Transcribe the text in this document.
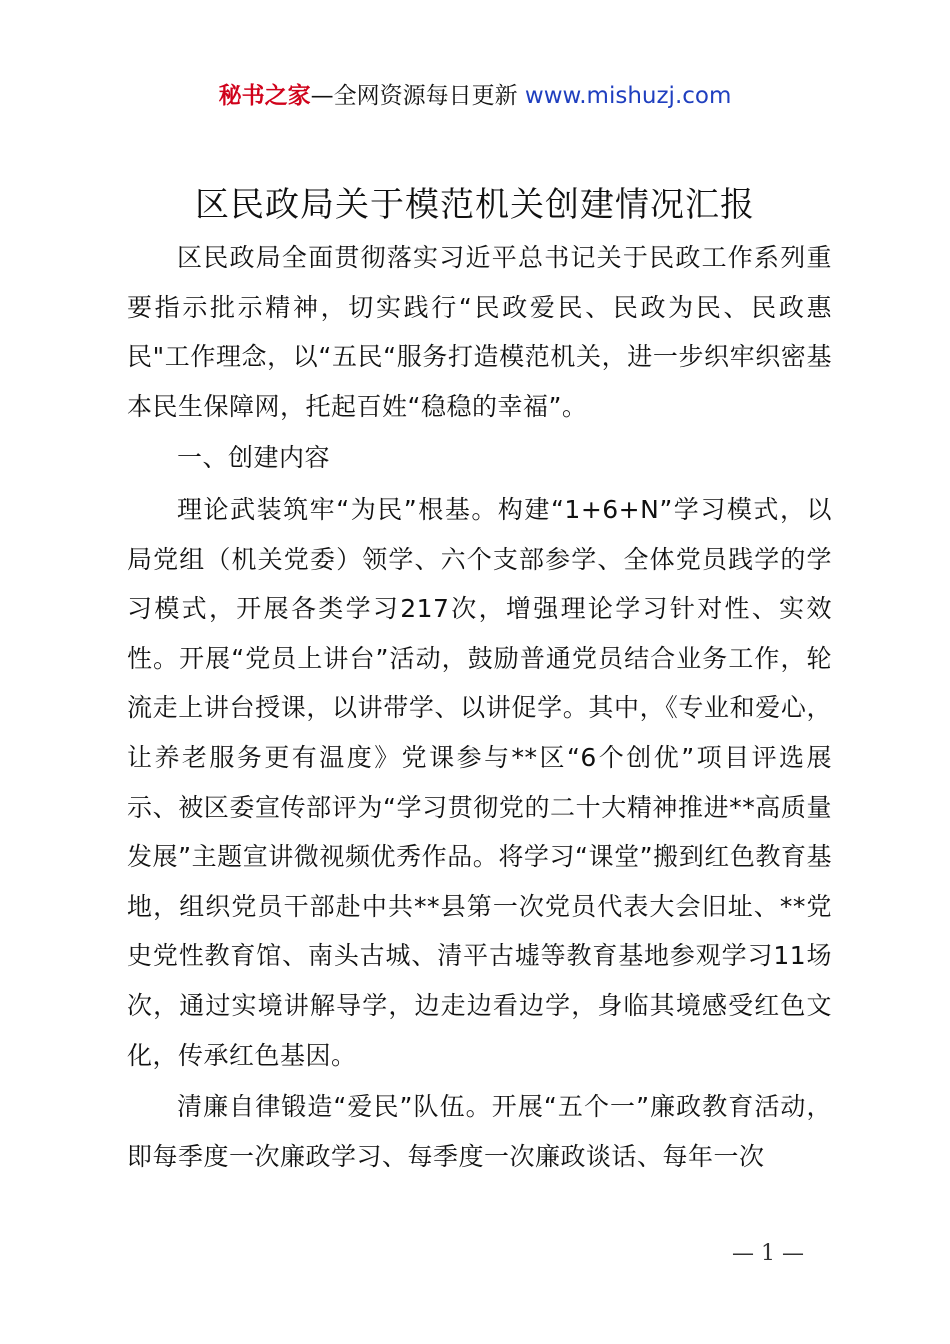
秘书之家—全网资源每日更新 www.mishuzj.com
区民政局关于模范机关创建情况汇报

区民政局全面贯彻落实习近平总书记关于民政工作系列重要指示批示精神，切实践行“民政爱民、民政为民、民政惠民"工作理念，以“五民“服务打造模范机关，进一步织牢织密基本民生保障网，托起百姓“稳稳的幸福”。

一、创建内容

理论武装筑牢“为民”根基。构建“1+6+N”学习模式，以局党组（机关党委）领学、六个支部参学、全体党员践学的学习模式，开展各类学习217次，增强理论学习针对性、实效性。开展“党员上讲台”活动，鼓励普通党员结合业务工作，轮流走上讲台授课，以讲带学、以讲促学。其中，《专业和爱心，让养老服务更有温度》党课参与**区“6个创优”项目评选展示、被区委宣传部评为“学习贯彻党的二十大精神推进**高质量发展”主题宣讲微视频优秀作品。将学习“课堂”搬到红色教育基地，组织党员干部赴中共**县第一次党员代表大会旧址、**党史党性教育馆、南头古城、清平古墟等教育基地参观学习11场次，通过实境讲解导学，边走边看边学，身临其境感受红色文化，传承红色基因。

清廉自律锻造“爱民”队伍。开展“五个一”廉政教育活动，即每季度一次廉政学习、每季度一次廉政谈话、每年一次

— 1 —
